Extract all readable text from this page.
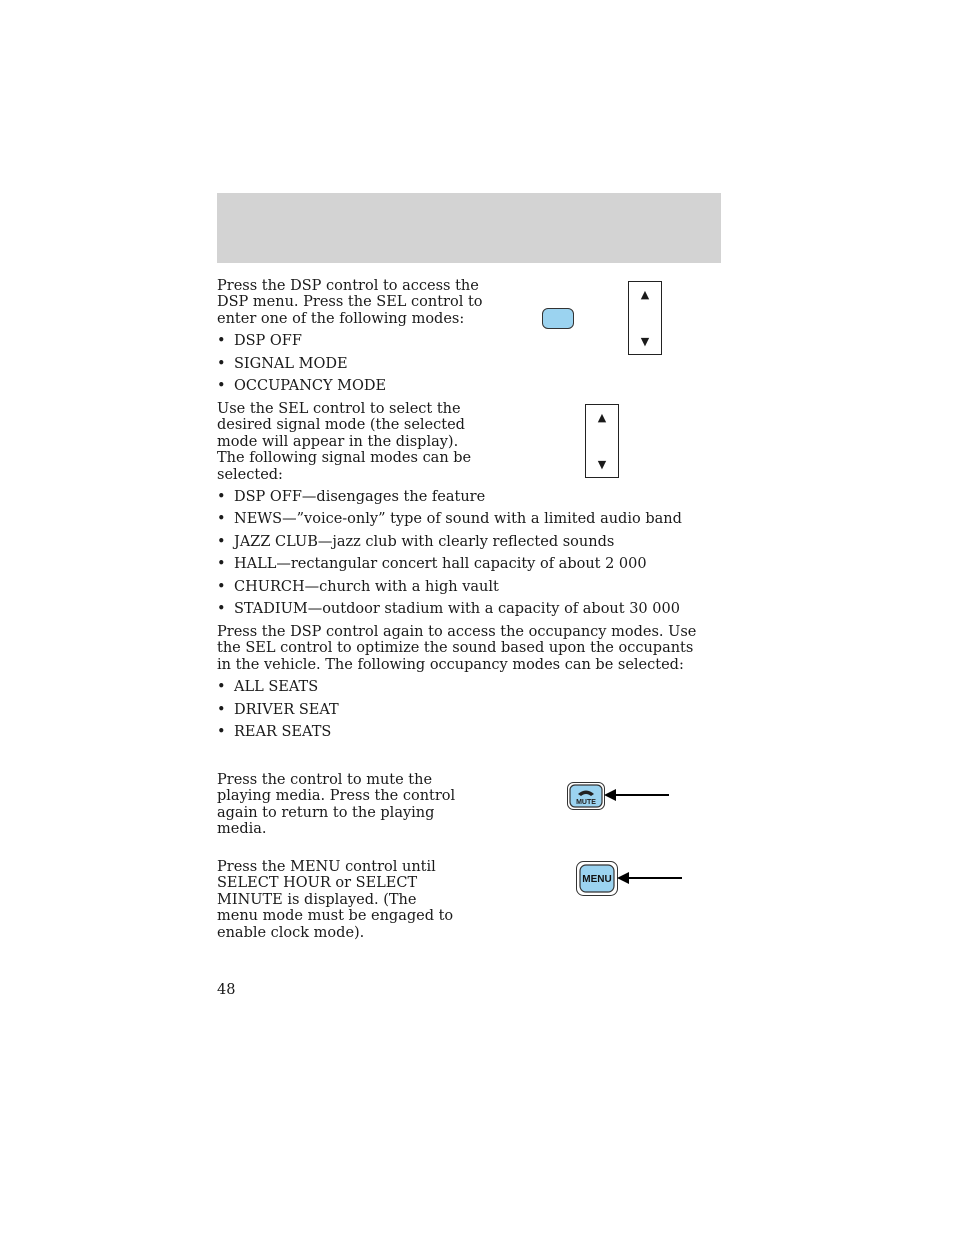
Press the DSP control to access the DSP menu. Press the SEL control to enter one of the following modes:

▲
▼

• DSP OFF

• SIGNAL MODE

• OCCUPANCY MODE

Use the SEL control to select the desired signal mode (the selected mode will appear in the display). The following signal modes can be selected:

▲
▼

• DSP OFF—disengages the feature

• NEWS—”voice-only” type of sound with a limited audio band

• JAZZ CLUB—jazz club with clearly reflected sounds

• HALL—rectangular concert hall capacity of about 2 000

• CHURCH—church with a high vault

• STADIUM—outdoor stadium with a capacity of about 30 000

Press the DSP control again to access the occupancy modes. Use the SEL control to optimize the sound based upon the occupants in the vehicle. The following occupancy modes can be selected:

• ALL SEATS

• DRIVER SEAT

• REAR SEATS

Press the control to mute the playing media. Press the control again to return to the playing media.

MUTE

Press the MENU control until SELECT HOUR or SELECT MINUTE is displayed. (The menu mode must be engaged to enable clock mode).

MENU

48
